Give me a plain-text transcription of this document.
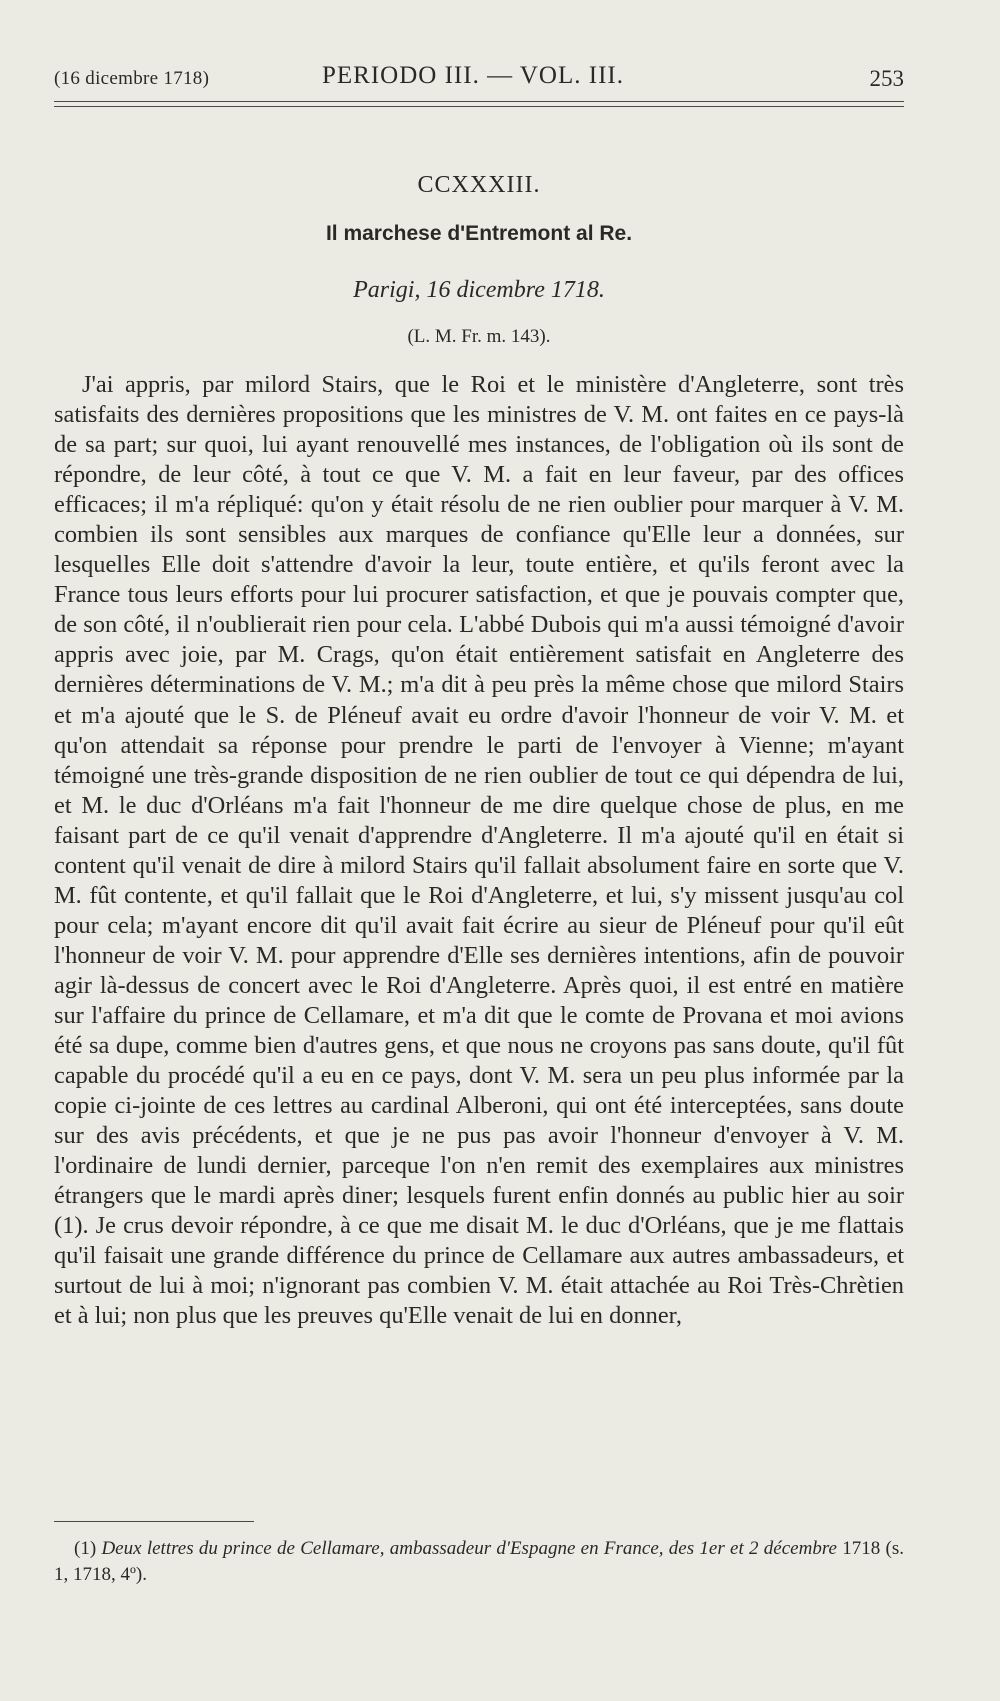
(16 dicembre 1718)	PERIODO III. — VOL. III.	253
CCXXXIII.
Il marchese d'Entremont al Re.
Parigi, 16 dicembre 1718.
(L. M. Fr. m. 143).

J'ai appris, par milord Stairs, que le Roi et le ministère d'Angleterre, sont très satisfaits des dernières propositions que les ministres de V. M. ont faites en ce pays-là de sa part; sur quoi, lui ayant renouvellé mes instances, de l'obligation où ils sont de répondre, de leur côté, à tout ce que V. M. a fait en leur faveur, par des offices efficaces; il m'a répliqué: qu'on y était résolu de ne rien oublier pour marquer à V. M. combien ils sont sensibles aux marques de confiance qu'Elle leur a données, sur lesquelles Elle doit s'attendre d'avoir la leur, toute entière, et qu'ils feront avec la France tous leurs efforts pour lui procurer satisfaction, et que je pouvais compter que, de son côté, il n'oublierait rien pour cela. L'abbé Dubois qui m'a aussi témoigné d'avoir appris avec joie, par M. Crags, qu'on était entièrement satisfait en Angleterre des dernières déterminations de V. M.; m'a dit à peu près la même chose que milord Stairs et m'a ajouté que le S. de Pléneuf avait eu ordre d'avoir l'honneur de voir V. M. et qu'on attendait sa réponse pour prendre le parti de l'envoyer à Vienne; m'ayant témoigné une très-grande disposition de ne rien oublier de tout ce qui dépendra de lui, et M. le duc d'Orléans m'a fait l'honneur de me dire quelque chose de plus, en me faisant part de ce qu'il venait d'apprendre d'Angleterre. Il m'a ajouté qu'il en était si content qu'il venait de dire à milord Stairs qu'il fallait absolument faire en sorte que V. M. fût contente, et qu'il fallait que le Roi d'Angleterre, et lui, s'y missent jusqu'au col pour cela; m'ayant encore dit qu'il avait fait écrire au sieur de Pléneuf pour qu'il eût l'honneur de voir V. M. pour apprendre d'Elle ses dernières intentions, afin de pouvoir agir là-dessus de concert avec le Roi d'Angleterre. Après quoi, il est entré en matière sur l'affaire du prince de Cellamare, et m'a dit que le comte de Provana et moi avions été sa dupe, comme bien d'autres gens, et que nous ne croyons pas sans doute, qu'il fût capable du procédé qu'il a eu en ce pays, dont V. M. sera un peu plus informée par la copie ci-jointe de ces lettres au cardinal Alberoni, qui ont été interceptées, sans doute sur des avis précédents, et que je ne pus pas avoir l'honneur d'envoyer à V. M. l'ordinaire de lundi dernier, parceque l'on n'en remit des exemplaires aux ministres étrangers que le mardi après diner; lesquels furent enfin donnés au public hier au soir (1). Je crus devoir répondre, à ce que me disait M. le duc d'Orléans, que je me flattais qu'il faisait une grande différence du prince de Cellamare aux autres ambassadeurs, et surtout de lui à moi; n'ignorant pas combien V. M. était attachée au Roi Très-Chrètien et à lui; non plus que les preuves qu'Elle venait de lui en donner,

(1) Deux lettres du prince de Cellamare, ambassadeur d'Espagne en France, des 1er et 2 décembre 1718 (s. 1, 1718, 4º).
